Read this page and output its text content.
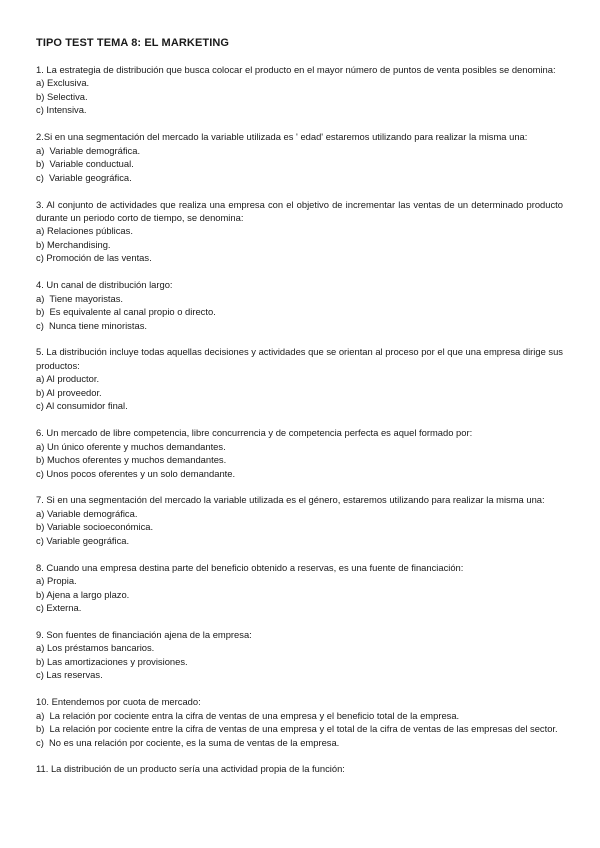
TIPO TEST TEMA 8: EL MARKETING
1. La estrategia de distribución que busca colocar el producto en el mayor número de puntos de venta posibles se denomina:
a) Exclusiva.
b) Selectiva.
c) Intensiva.
2.Si en una segmentación del mercado la variable utilizada es ' edad' estaremos utilizando para realizar la misma una:
a)  Variable demográfica.
b)  Variable conductual.
c)  Variable geográfica.
3. Al conjunto de actividades que realiza una empresa con el objetivo de incrementar las ventas de un determinado producto durante un periodo corto de tiempo, se denomina:
a) Relaciones públicas.
b) Merchandising.
c) Promoción de las ventas.
4. Un canal de distribución largo:
a)  Tiene mayoristas.
b)  Es equivalente al canal propio o directo.
c)  Nunca tiene minoristas.
5. La distribución incluye todas aquellas decisiones y actividades que se orientan al proceso por el que una empresa dirige sus productos:
a) Al productor.
b) Al proveedor.
c) Al consumidor final.
6. Un mercado de libre competencia, libre concurrencia y de competencia perfecta es aquel formado por:
a) Un único oferente y muchos demandantes.
b) Muchos oferentes y muchos demandantes.
c) Unos pocos oferentes y un solo demandante.
7. Si en una segmentación del mercado la variable utilizada es el género, estaremos utilizando para realizar la misma una:
a) Variable demográfica.
b) Variable socioeconómica.
c) Variable geográfica.
8. Cuando una empresa destina parte del beneficio obtenido a reservas, es una fuente de financiación:
a) Propia.
b) Ajena a largo plazo.
c) Externa.
9. Son fuentes de financiación ajena de la empresa:
a) Los préstamos bancarios.
b) Las amortizaciones y provisiones.
c) Las reservas.
10. Entendemos por cuota de mercado:
a)  La relación por cociente entra la cifra de ventas de una empresa y el beneficio total de la empresa.
b)  La relación por cociente entre la cifra de ventas de una empresa y el total de la cifra de ventas de las empresas del sector.
c)  No es una relación por cociente, es la suma de ventas de la empresa.
11. La distribución de un producto sería una actividad propia de la función:
